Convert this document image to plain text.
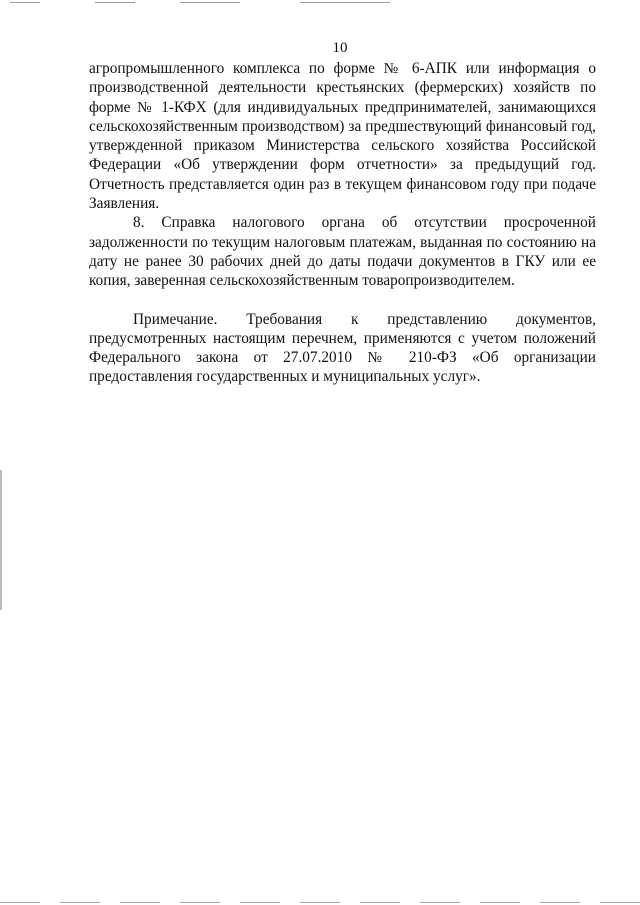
10

агропромышленного комплекса по форме № 6-АПК или информация о производственной деятельности крестьянских (фермерских) хозяйств по форме № 1-КФХ (для индивидуальных предпринимателей, занимающихся сельскохозяйственным производством) за предшествующий финансовый год, утвержденной приказом Министерства сельского хозяйства Российской Федерации «Об утверждении форм отчетности» за предыдущий год. Отчетность представляется один раз в текущем финансовом году при подаче Заявления.

8. Справка налогового органа об отсутствии просроченной задолженности по текущим налоговым платежам, выданная по состоянию на дату не ранее 30 рабочих дней до даты подачи документов в ГКУ или ее копия, заверенная сельскохозяйственным товаропроизводителем.

Примечание. Требования к представлению документов, предусмотренных настоящим перечнем, применяются с учетом положений Федерального закона от 27.07.2010 № 210-ФЗ «Об организации предоставления государственных и муниципальных услуг».
